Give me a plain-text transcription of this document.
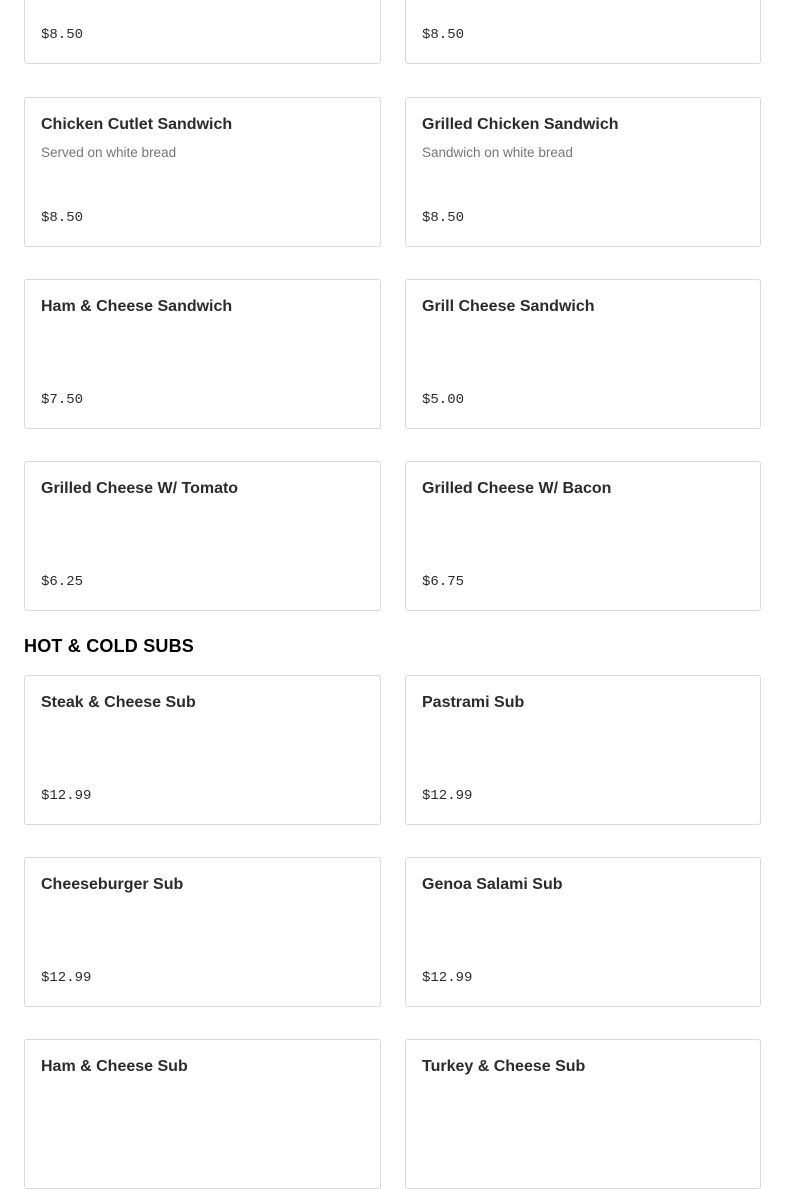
$8.50	$8.50
Chicken Cutlet Sandwich
Served on white bread
$8.50
Grilled Chicken Sandwich
Sandwich on white bread
$8.50
Ham & Cheese Sandwich
$7.50
Grill Cheese Sandwich
$5.00
Grilled Cheese W/ Tomato
$6.25
Grilled Cheese W/ Bacon
$6.75
HOT & COLD SUBS
Steak & Cheese Sub
$12.99
Pastrami Sub
$12.99
Cheeseburger Sub
$12.99
Genoa Salami Sub
$12.99
Ham & Cheese Sub	Turkey & Cheese Sub
